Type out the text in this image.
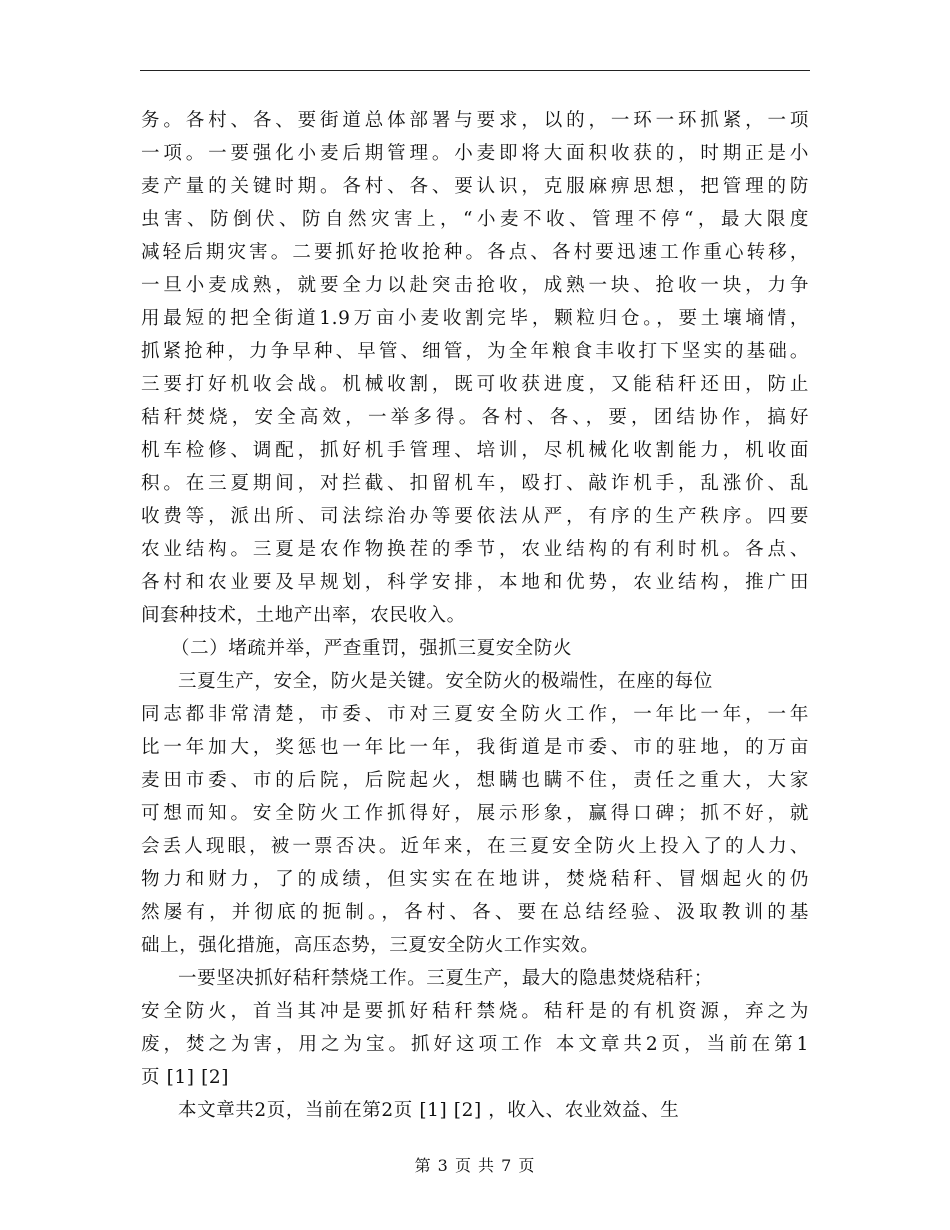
务。各村、各、要街道总体部署与要求，以的，一环一环抓紧，一项
一项。一要强化小麦后期管理。小麦即将大面积收获的，时期正是小
麦产量的关键时期。各村、各、要认识，克服麻痹思想，把管理的防
虫害、防倒伏、防自然灾害上，“小麦不收、管理不停“，最大限度
减轻后期灾害。二要抓好抢收抢种。各点、各村要迅速工作重心转移，
一旦小麦成熟，就要全力以赴突击抢收，成熟一块、抢收一块，力争
用最短的把全街道1.9万亩小麦收割完毕，颗粒归仓。，要土壤墒情，
抓紧抢种，力争早种、早管、细管，为全年粮食丰收打下坚实的基础。
三要打好机收会战。机械收割，既可收获进度，又能秸秆还田，防止
秸秆焚烧，安全高效，一举多得。各村、各、，要，团结协作，搞好
机车检修、调配，抓好机手管理、培训，尽机械化收割能力，机收面
积。在三夏期间，对拦截、扣留机车，殴打、敲诈机手，乱涨价、乱
收费等，派出所、司法综治办等要依法从严，有序的生产秩序。四要
农业结构。三夏是农作物换茬的季节，农业结构的有利时机。各点、
各村和农业要及早规划，科学安排，本地和优势，农业结构，推广田
间套种技术，土地产出率，农民收入。
（二）堵疏并举，严查重罚，强抓三夏安全防火
三夏生产，安全，防火是关键。安全防火的极端性，在座的每位
同志都非常清楚，市委、市对三夏安全防火工作，一年比一年，一年
比一年加大，奖惩也一年比一年，我街道是市委、市的驻地，的万亩
麦田市委、市的后院，后院起火，想瞒也瞒不住，责任之重大，大家
可想而知。安全防火工作抓得好，展示形象，赢得口碑；抓不好，就
会丢人现眼，被一票否决。近年来，在三夏安全防火上投入了的人力、
物力和财力，了的成绩，但实实在在地讲，焚烧秸秆、冒烟起火的仍
然屡有，并彻底的扼制。，各村、各、要在总结经验、汲取教训的基
础上，强化措施，高压态势，三夏安全防火工作实效。
一要坚决抓好秸秆禁烧工作。三夏生产，最大的隐患焚烧秸秆；
安全防火，首当其冲是要抓好秸秆禁烧。秸秆是的有机资源，弃之为
废，焚之为害，用之为宝。抓好这项工作 本文章共2页，当前在第1
页 [1] [2]
本文章共2页，当前在第2页 [1] [2] ，收入、农业效益、生
第 3 页 共 7 页
